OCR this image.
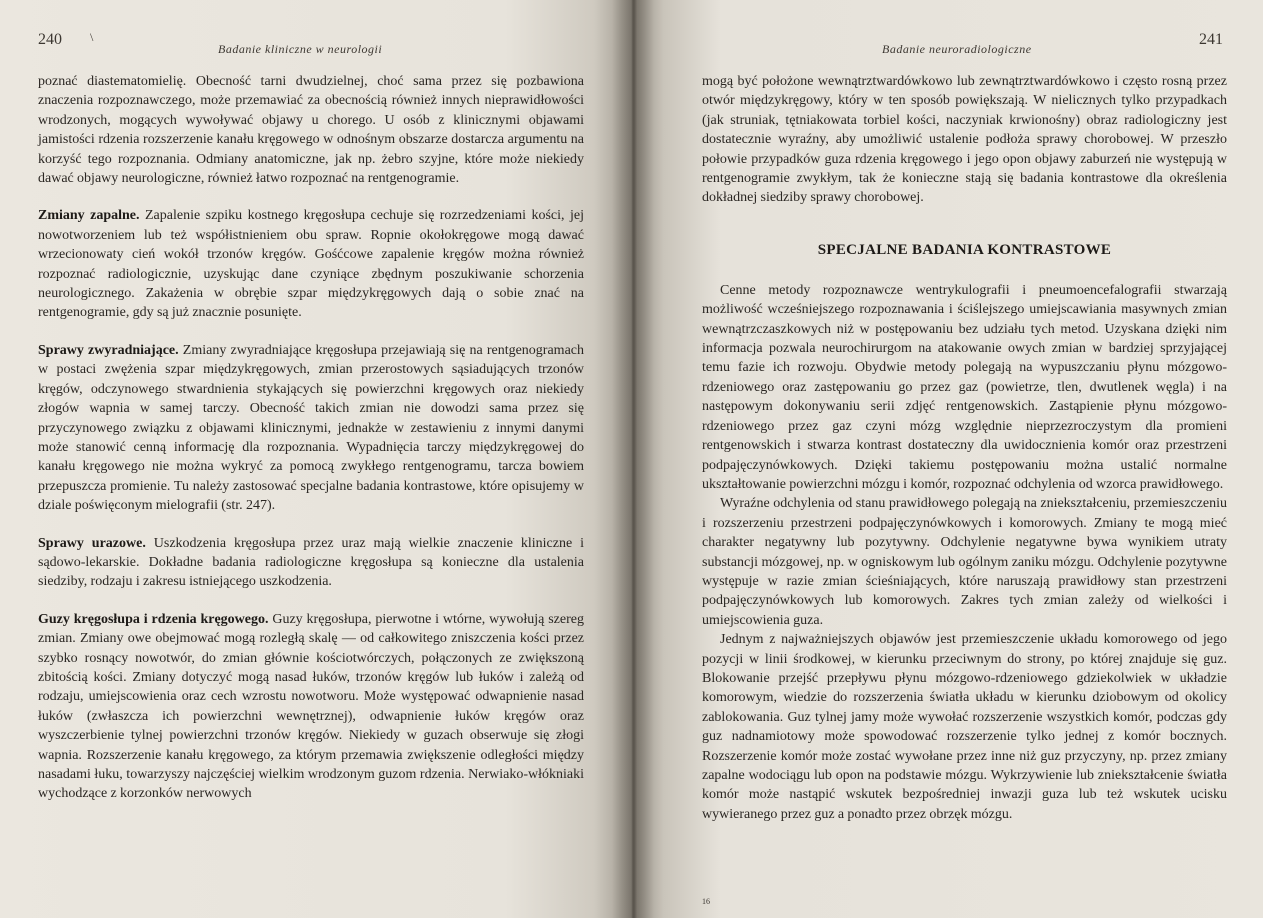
240 \
Badanie kliniczne w neurologii

poznać diastematomielię. Obecność tarni dwudzielnej, choć sama przez się pozbawiona znaczenia rozpoznawczego, może przemawiać za obecnością również innych nieprawidłowości wrodzonych, mogących wywoływać objawy u chorego. U osób z klinicznymi objawami jamistości rdzenia rozszerzenie kanału kręgowego w odnośnym obszarze dostarcza argumentu na korzyść tego rozpoznania. Odmiany anatomiczne, jak np. żebro szyjne, które może niekiedy dawać objawy neurologiczne, również łatwo rozpoznać na rentgenogramie.

Zmiany zapalne. Zapalenie szpiku kostnego kręgosłupa cechuje się rozrzedzeniami kości, jej nowotworzeniem lub też współistnieniem obu spraw. Ropnie okołokręgowe mogą dawać wrzecionowaty cień wokół trzonów kręgów. Gośćcowe zapalenie kręgów można również rozpoznać radiologicznie, uzyskując dane czyniące zbędnym poszukiwanie schorzenia neurologicznego. Zakażenia w obrębie szpar międzykręgowych dają o sobie znać na rentgenogramie, gdy są już znacznie posunięte.

Sprawy zwyradniające. Zmiany zwyradniające kręgosłupa przejawiają się na rentgenogramach w postaci zwężenia szpar międzykręgowych, zmian przerostowych sąsiadujących trzonów kręgów, odczynowego stwardnienia stykających się powierzchni kręgowych oraz niekiedy złogów wapnia w samej tarczy. Obecność takich zmian nie dowodzi sama przez się przyczynowego związku z objawami klinicznymi, jednakże w zestawieniu z innymi danymi może stanowić cenną informację dla rozpoznania. Wypadnięcia tarczy międzykręgowej do kanału kręgowego nie można wykryć za pomocą zwykłego rentgenogramu, tarcza bowiem przepuszcza promienie. Tu należy zastosować specjalne badania kontrastowe, które opisujemy w dziale poświęconym mielografii (str. 247).

Sprawy urazowe. Uszkodzenia kręgosłupa przez uraz mają wielkie znaczenie kliniczne i sądowo-lekarskie. Dokładne badania radiologiczne kręgosłupa są konieczne dla ustalenia siedziby, rodzaju i zakresu istniejącego uszkodzenia.

Guzy kręgosłupa i rdzenia kręgowego. Guzy kręgosłupa, pierwotne i wtórne, wywołują szereg zmian. Zmiany owe obejmować mogą rozległą skalę — od całkowitego zniszczenia kości przez szybko rosnący nowotwór, do zmian głównie kościotwórczych, połączonych ze zwiększoną zbitością kości. Zmiany dotyczyć mogą nasad łuków, trzonów kręgów lub łuków i zależą od rodzaju, umiejscowienia oraz cech wzrostu nowotworu. Może występować odwapnienie nasad łuków (zwłaszcza ich powierzchni wewnętrznej), odwapnienie łuków kręgów oraz wyszczerbienie tylnej powierzchni trzonów kręgów. Niekiedy w guzach obserwuje się złogi wapnia. Rozszerzenie kanału kręgowego, za którym przemawia zwiększenie odległości między nasadami łuku, towarzyszy najczęściej wielkim wrodzonym guzom rdzenia. Nerwiako-włókniaki wychodzące z korzonków nerwowych

Badanie neuroradiologiczne
241

mogą być położone wewnątrztwardówkowo lub zewnątrztwardówkowo i często rosną przez otwór międzykręgowy, który w ten sposób powiększają. W nielicznych tylko przypadkach (jak struniak, tętniakowata torbiel kości, naczyniak krwionośny) obraz radiologiczny jest dostatecznie wyraźny, aby umożliwić ustalenie podłoża sprawy chorobowej. W przeszło połowie przypadków guza rdzenia kręgowego i jego opon objawy zaburzeń nie występują w rentgenogramie zwykłym, tak że konieczne stają się badania kontrastowe dla określenia dokładnej siedziby sprawy chorobowej.

SPECJALNE BADANIA KONTRASTOWE

Cenne metody rozpoznawcze wentrykulografii i pneumoencefalografii stwarzają możliwość wcześniejszego rozpoznawania i ściślejszego umiejscawiania masywnych zmian wewnątrzczaszkowych niż w postępowaniu bez udziału tych metod. Uzyskana dzięki nim informacja pozwala neurochirurgom na atakowanie owych zmian w bardziej sprzyjającej temu fazie ich rozwoju. Obydwie metody polegają na wypuszczaniu płynu mózgowo-rdzeniowego oraz zastępowaniu go przez gaz (powietrze, tlen, dwutlenek węgla) i na następowym dokonywaniu serii zdjęć rentgenowskich. Zastąpienie płynu mózgowo-rdzeniowego przez gaz czyni mózg względnie nieprzezroczystym dla promieni rentgenowskich i stwarza kontrast dostateczny dla uwidocznienia komór oraz przestrzeni podpajęczynówkowych. Dzięki takiemu postępowaniu można ustalić normalne ukształtowanie powierzchni mózgu i komór, rozpoznać odchylenia od wzorca prawidłowego.

Wyraźne odchylenia od stanu prawidłowego polegają na zniekształceniu, przemieszczeniu i rozszerzeniu przestrzeni podpajęczynówkowych i komorowych. Zmiany te mogą mieć charakter negatywny lub pozytywny. Odchylenie negatywne bywa wynikiem utraty substancji mózgowej, np. w ogniskowym lub ogólnym zaniku mózgu. Odchylenie pozytywne występuje w razie zmian ścieśniających, które naruszają prawidłowy stan przestrzeni podpajęczynówkowych lub komorowych. Zakres tych zmian zależy od wielkości i umiejscowienia guza.

Jednym z najważniejszych objawów jest przemieszczenie układu komorowego od jego pozycji w linii środkowej, w kierunku przeciwnym do strony, po której znajduje się guz. Blokowanie przejść przepływu płynu mózgowo-rdzeniowego gdziekolwiek w układzie komorowym, wiedzie do rozszerzenia światła układu w kierunku dziobowym od okolicy zablokowania. Guz tylnej jamy może wywołać rozszerzenie wszystkich komór, podczas gdy guz nadnamiotowy może spowodować rozszerzenie tylko jednej z komór bocznych. Rozszerzenie komór może zostać wywołane przez inne niż guz przyczyny, np. przez zmiany zapalne wodociągu lub opon na podstawie mózgu. Wykrzywienie lub zniekształcenie światła komór może nastąpić wskutek bezpośredniej inwazji guza lub też wskutek ucisku wywieranego przez guz a ponadto przez obrzęk mózgu.

16
